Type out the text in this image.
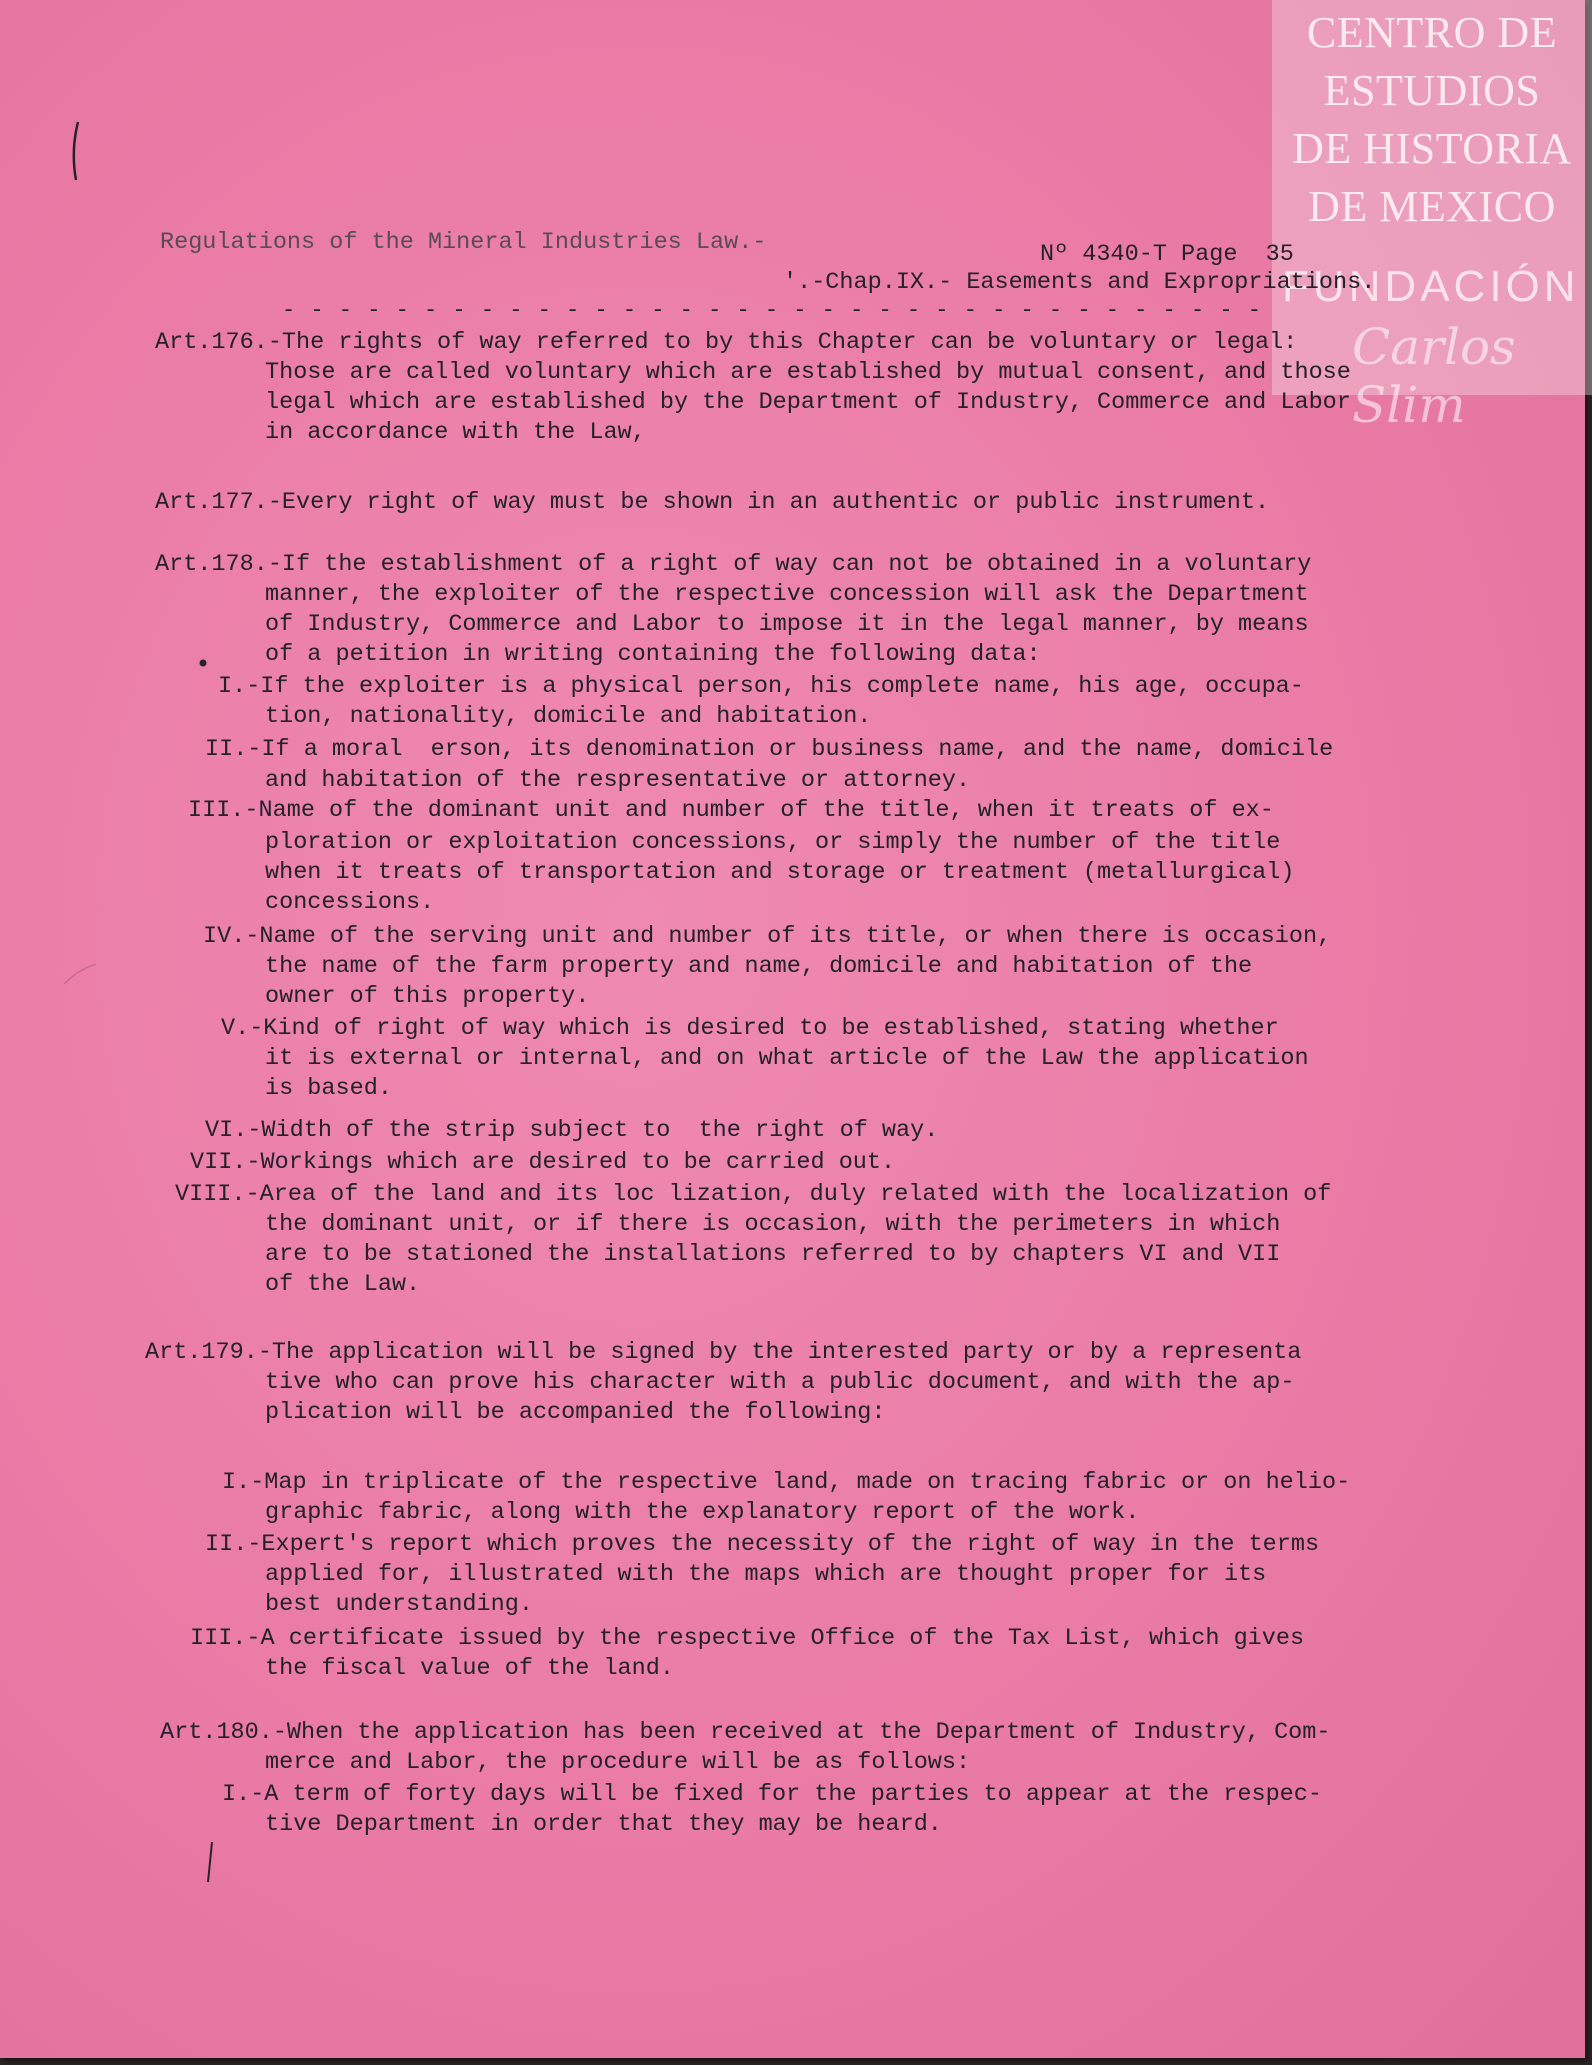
CENTRO DE
ESTUDIOS
DE HISTORIA
DE MEXICO
FUNDACIÓN
Carlos Slim
Regulations of the Mineral Industries Law.-	Nº 4340-T Page  35
'.-Chap.IX.- Easements and Expropriations.
- - - - - - - - - - - - - - - - - - - - - - - - - - - - - - - - - - -
Art.176.-The rights of way referred to by this Chapter can be voluntary or legal:
Those are called voluntary which are established by mutual consent, and those
legal which are established by the Department of Industry, Commerce and Labor
in accordance with the Law,
Art.177.-Every right of way must be shown in an authentic or public instrument.
Art.178.-If the establishment of a right of way can not be obtained in a voluntary
manner, the exploiter of the respective concession will ask the Department
of Industry, Commerce and Labor to impose it in the legal manner, by means
of a petition in writing containing the following data:
I.-If the exploiter is a physical person, his complete name, his age, occupa-
tion, nationality, domicile and habitation.
II.-If a moral  erson, its denomination or business name, and the name, domicile
and habitation of the respresentative or attorney.
III.-Name of the dominant unit and number of the title, when it treats of ex-
ploration or exploitation concessions, or simply the number of the title
when it treats of transportation and storage or treatment (metallurgical)
concessions.
IV.-Name of the serving unit and number of its title, or when there is occasion,
the name of the farm property and name, domicile and habitation of the
owner of this property.
V.-Kind of right of way which is desired to be established, stating whether
it is external or internal, and on what article of the Law the application
is based.
VI.-Width of the strip subject to  the right of way.
VII.-Workings which are desired to be carried out.
VIII.-Area of the land and its loc lization, duly related with the localization of
the dominant unit, or if there is occasion, with the perimeters in which
are to be stationed the installations referred to by chapters VI and VII
of the Law.
Art.179.-The application will be signed by the interested party or by a representa
tive who can prove his character with a public document, and with the ap-
plication will be accompanied the following:
I.-Map in triplicate of the respective land, made on tracing fabric or on helio-
graphic fabric, along with the explanatory report of the work.
II.-Expert's report which proves the necessity of the right of way in the terms
applied for, illustrated with the maps which are thought proper for its
best understanding.
III.-A certificate issued by the respective Office of the Tax List, which gives
the fiscal value of the land.
Art.180.-When the application has been received at the Department of Industry, Com-
merce and Labor, the procedure will be as follows:
I.-A term of forty days will be fixed for the parties to appear at the respec-
tive Department in order that they may be heard.
